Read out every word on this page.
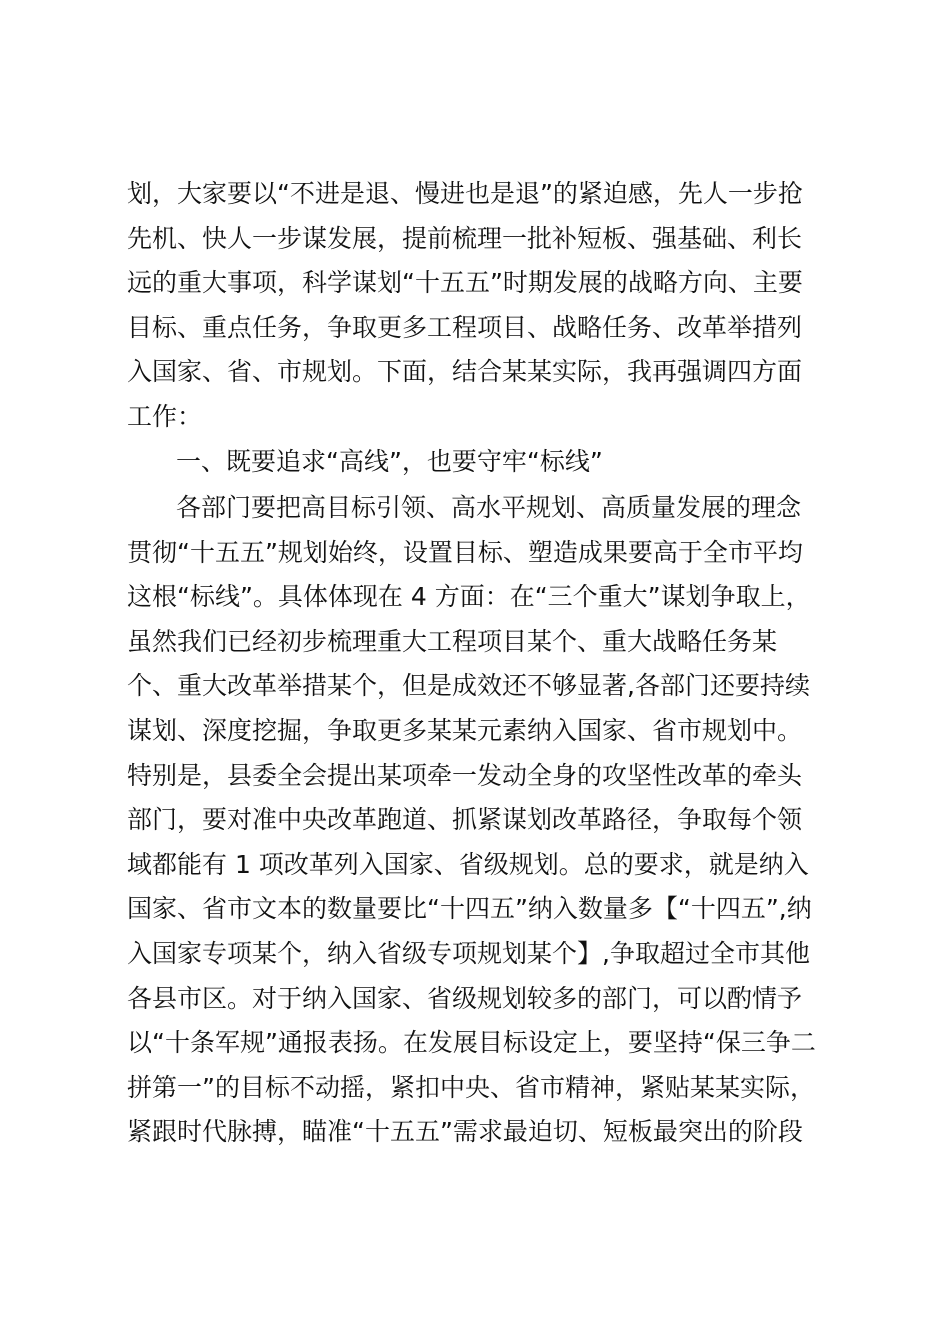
划，大家要以“不进是退、慢进也是退”的紧迫感，先人一步抢
先机、快人一步谋发展，提前梳理一批补短板、强基础、利长
远的重大事项，科学谋划“十五五”时期发展的战略方向、主要
目标、重点任务，争取更多工程项目、战略任务、改革举措列
入国家、省、市规划。下面，结合某某实际，我再强调四方面
工作：
一、既要追求“高线”，也要守牢“标线”
各部门要把高目标引领、高水平规划、高质量发展的理念
贯彻“十五五”规划始终，设置目标、塑造成果要高于全市平均
这根“标线”。具体体现在 4 方面：在“三个重大”谋划争取上，
虽然我们已经初步梳理重大工程项目某个、重大战略任务某
个、重大改革举措某个，但是成效还不够显著,各部门还要持续
谋划、深度挖掘，争取更多某某元素纳入国家、省市规划中。
特别是，县委全会提出某项牵一发动全身的攻坚性改革的牵头
部门，要对准中央改革跑道、抓紧谋划改革路径，争取每个领
域都能有 1 项改革列入国家、省级规划。总的要求，就是纳入
国家、省市文本的数量要比“十四五”纳入数量多【“十四五”,纳
入国家专项某个，纳入省级专项规划某个】,争取超过全市其他
各县市区。对于纳入国家、省级规划较多的部门，可以酌情予
以“十条军规”通报表扬。在发展目标设定上，要坚持“保三争二
拼第一”的目标不动摇，紧扣中央、省市精神，紧贴某某实际，
紧跟时代脉搏，瞄准“十五五”需求最迫切、短板最突出的阶段
